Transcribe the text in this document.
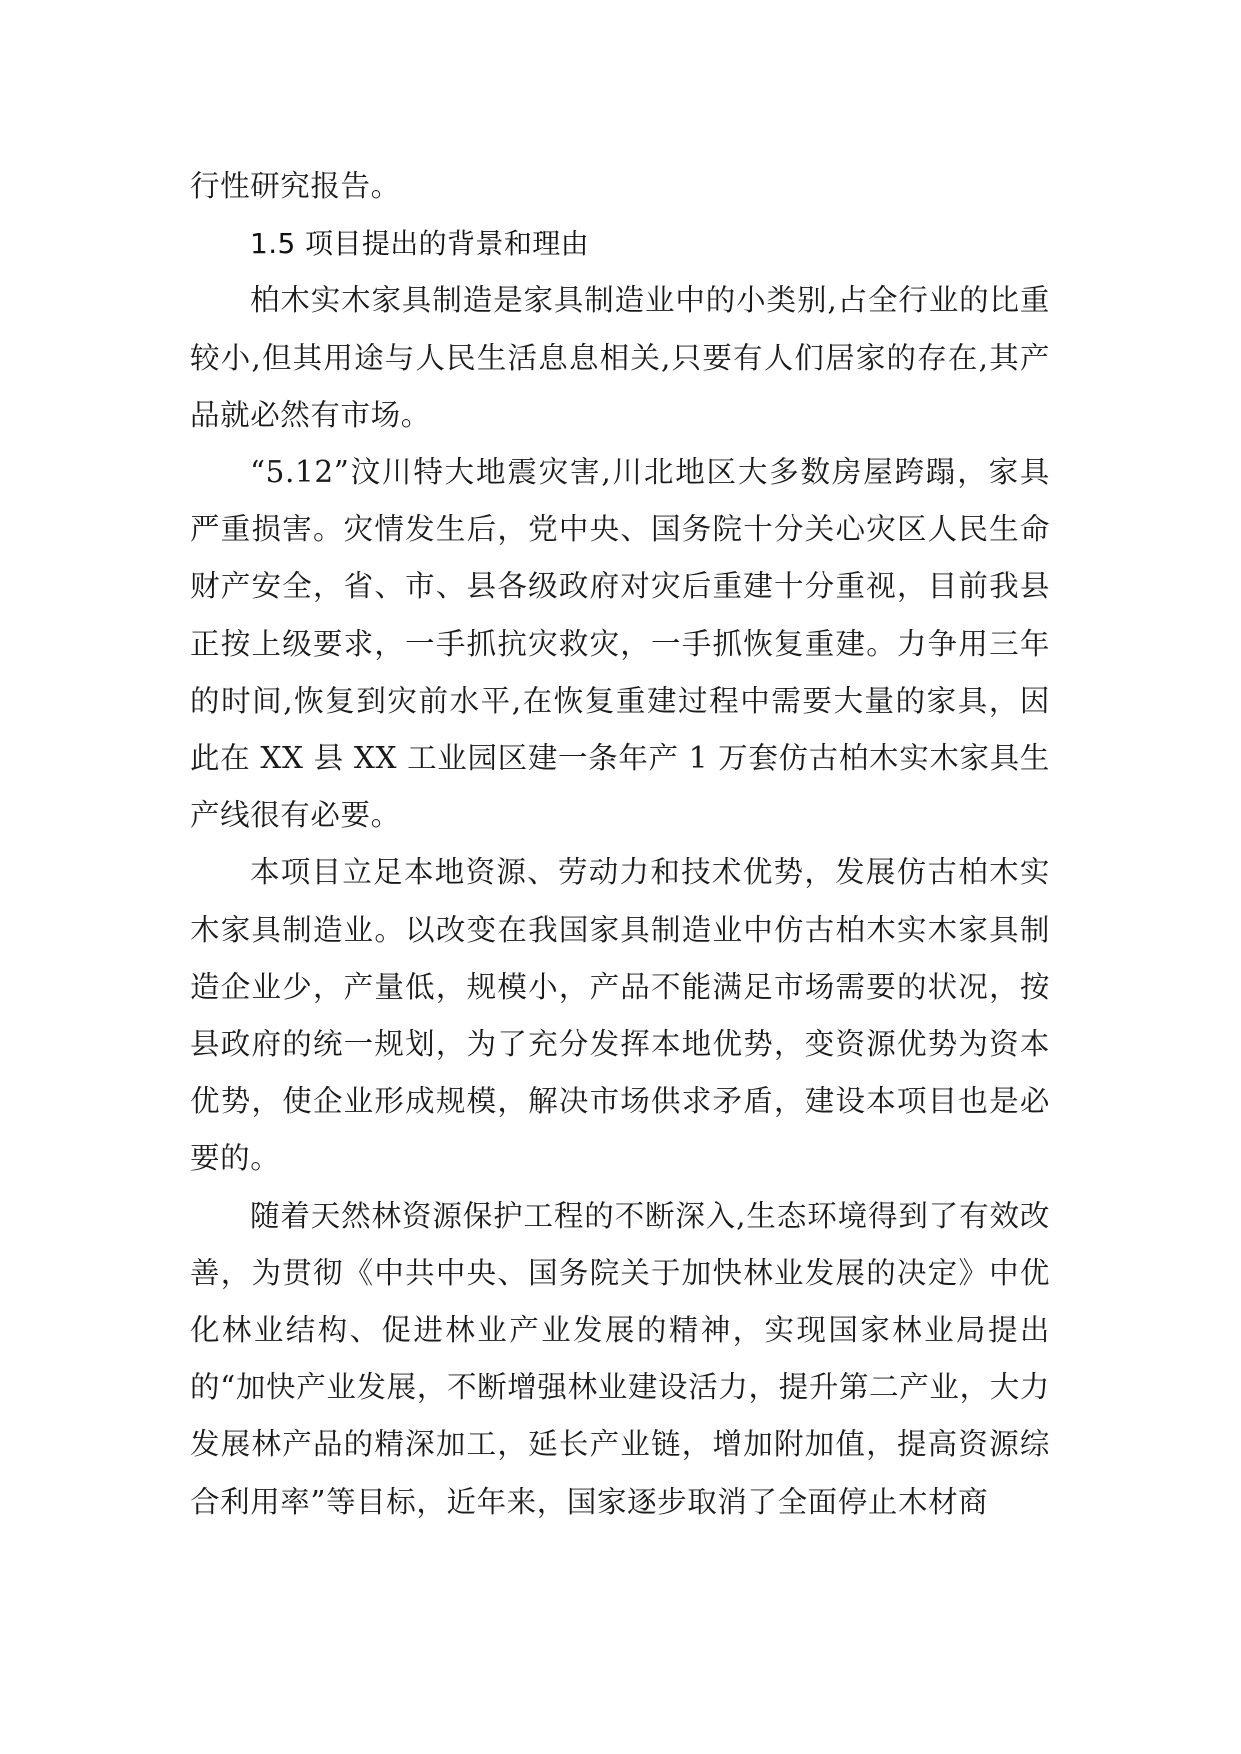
行性研究报告。

1.5 项目提出的背景和理由

柏木实木家具制造是家具制造业中的小类别,占全行业的比重较小,但其用途与人民生活息息相关,只要有人们居家的存在,其产品就必然有市场。

“5.12”汶川特大地震灾害,川北地区大多数房屋跨蹋，家具严重损害。灾情发生后，党中央、国务院十分关心灾区人民生命财产安全，省、市、县各级政府对灾后重建十分重视，目前我县正按上级要求，一手抓抗灾救灾，一手抓恢复重建。力争用三年的时间,恢复到灾前水平,在恢复重建过程中需要大量的家具，因此在 XX 县 XX 工业园区建一条年产 1 万套仿古柏木实木家具生产线很有必要。

本项目立足本地资源、劳动力和技术优势，发展仿古柏木实木家具制造业。以改变在我国家具制造业中仿古柏木实木家具制造企业少，产量低，规模小，产品不能满足市场需要的状况，按县政府的统一规划，为了充分发挥本地优势，变资源优势为资本优势，使企业形成规模，解决市场供求矛盾，建设本项目也是必要的。

随着天然林资源保护工程的不断深入,生态环境得到了有效改善，为贯彻《中共中央、国务院关于加快林业发展的决定》中优化林业结构、促进林业产业发展的精神，实现国家林业局提出的“加快产业发展，不断增强林业建设活力，提升第二产业，大力发展林产品的精深加工，延长产业链，增加附加值，提高资源综合利用率”等目标，近年来，国家逐步取消了全面停止木材商
